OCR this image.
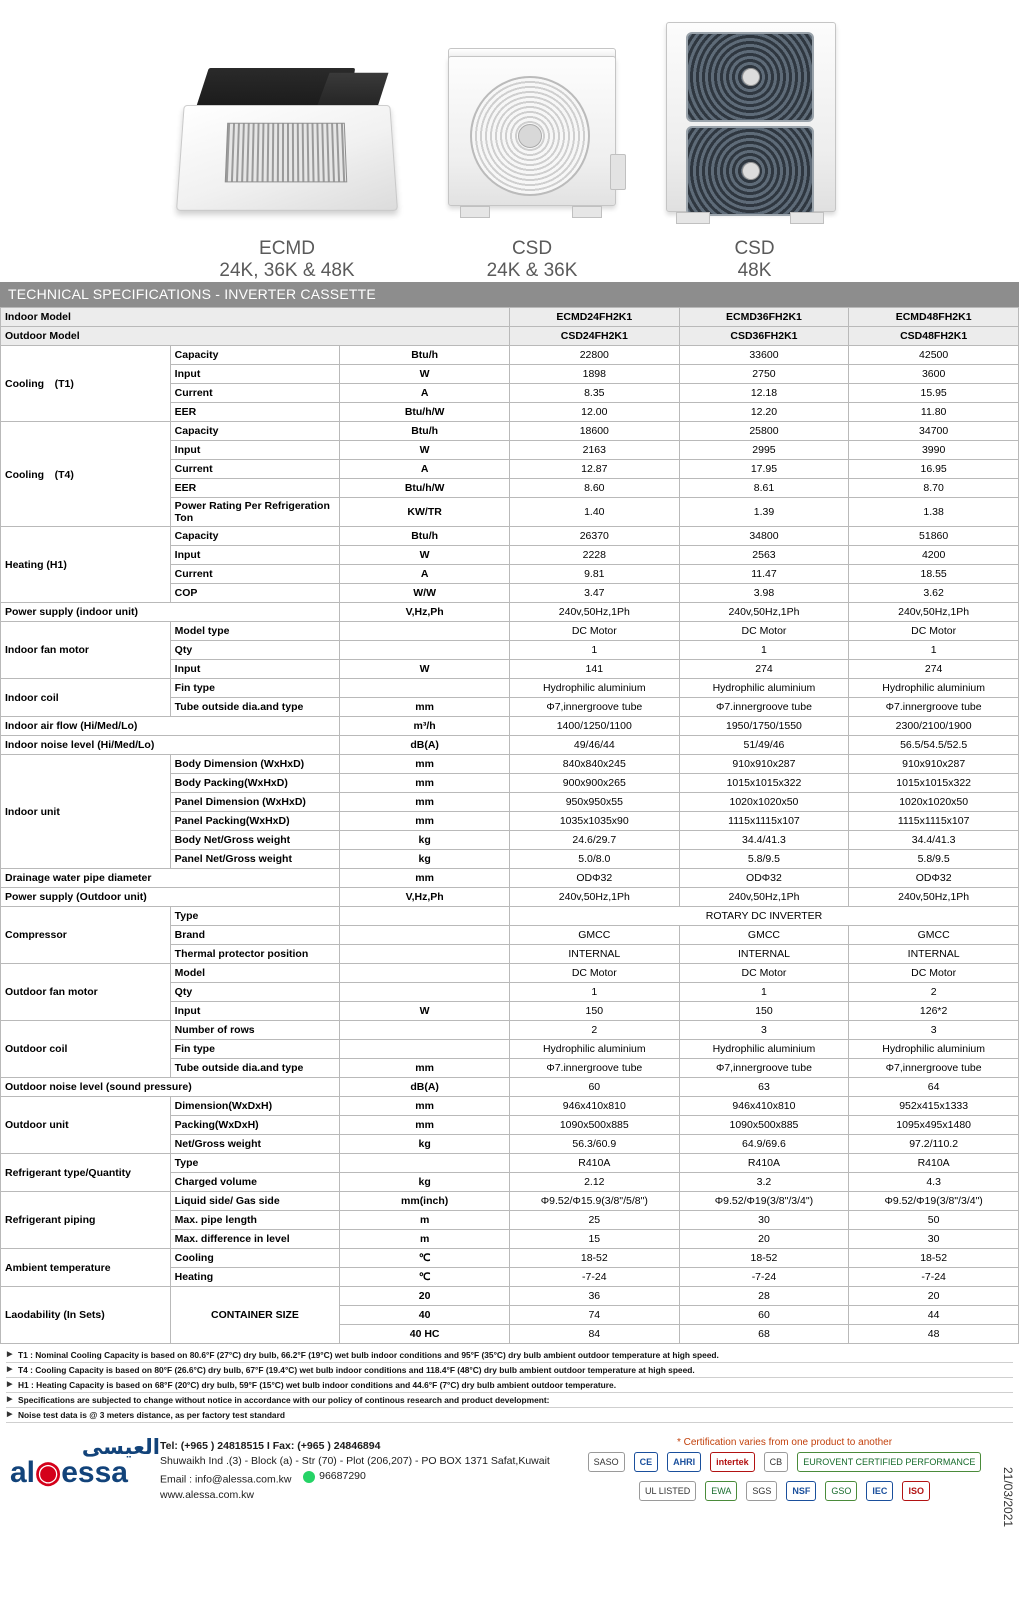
ECMD
24K, 36K & 48K
CSD
24K & 36K
CSD
48K
TECHNICAL SPECIFICATIONS - INVERTER CASSETTE
Indoor Model			ECMD24FH2K1	ECMD36FH2K1	ECMD48FH2K1
Outdoor Model			CSD24FH2K1	CSD36FH2K1	CSD48FH2K1
Cooling　(T1)	Capacity	Btu/h	22800	33600	42500
	Input	W	1898	2750	3600
	Current	A	8.35	12.18	15.95
	EER	Btu/h/W	12.00	12.20	11.80
Cooling　(T4)	Capacity	Btu/h	18600	25800	34700
	Input	W	2163	2995	3990
	Current	A	12.87	17.95	16.95
	EER	Btu/h/W	8.60	8.61	8.70
	Power Rating Per Refrigeration Ton	KW/TR	1.40	1.39	1.38
Heating (H1)	Capacity	Btu/h	26370	34800	51860
	Input	W	2228	2563	4200
	Current	A	9.81	11.47	18.55
	COP	W/W	3.47	3.98	3.62
Power supply (indoor unit)		V,Hz,Ph	240v,50Hz,1Ph	240v,50Hz,1Ph	240v,50Hz,1Ph
Indoor fan motor	Model type		DC Motor	DC Motor	DC Motor
	Qty		1	1	1
	Input	W	141	274	274
Indoor coil	Fin type		Hydrophilic aluminium	Hydrophilic aluminium	Hydrophilic aluminium
	Tube outside dia.and type	mm	Φ7,innergroove tube	Φ7.innergroove tube	Φ7.innergroove tube
Indoor air flow (Hi/Med/Lo)		m³/h	1400/1250/1100	1950/1750/1550	2300/2100/1900
Indoor noise level (Hi/Med/Lo)		dB(A)	49/46/44	51/49/46	56.5/54.5/52.5
Indoor unit	Body Dimension (WxHxD)	mm	840x840x245	910x910x287	910x910x287
	Body Packing(WxHxD)	mm	900x900x265	1015x1015x322	1015x1015x322
	Panel Dimension (WxHxD)	mm	950x950x55	1020x1020x50	1020x1020x50
	Panel Packing(WxHxD)	mm	1035x1035x90	1115x1115x107	1115x1115x107
	Body Net/Gross weight	kg	24.6/29.7	34.4/41.3	34.4/41.3
	Panel Net/Gross weight	kg	5.0/8.0	5.8/9.5	5.8/9.5
Drainage water pipe diameter		mm	ODΦ32	ODΦ32	ODΦ32
Power supply (Outdoor unit)		V,Hz,Ph	240v,50Hz,1Ph	240v,50Hz,1Ph	240v,50Hz,1Ph
Compressor	Type		ROTARY DC INVERTER		
	Brand		GMCC	GMCC	GMCC
	Thermal protector position		INTERNAL	INTERNAL	INTERNAL
Outdoor fan motor	Model		DC Motor	DC Motor	DC Motor
	Qty		1	1	2
	Input	W	150	150	126*2
Outdoor coil	Number of rows		2	3	3
	Fin type		Hydrophilic aluminium	Hydrophilic aluminium	Hydrophilic aluminium
	Tube outside dia.and type	mm	Φ7.innergroove tube	Φ7,innergroove tube	Φ7,innergroove tube
Outdoor noise level (sound pressure)		dB(A)	60	63	64
Outdoor unit	Dimension(WxDxH)	mm	946x410x810	946x410x810	952x415x1333
	Packing(WxDxH)	mm	1090x500x885	1090x500x885	1095x495x1480
	Net/Gross weight	kg	56.3/60.9	64.9/69.6	97.2/110.2
Refrigerant type/Quantity	Type		R410A	R410A	R410A
	Charged volume	kg	2.12	3.2	4.3
Refrigerant piping	Liquid side/ Gas side	mm(inch)	Φ9.52/Φ15.9(3/8"/5/8")	Φ9.52/Φ19(3/8"/3/4")	Φ9.52/Φ19(3/8"/3/4")
	Max. pipe length	m	25	30	50
	Max. difference in level	m	15	20	30
Ambient temperature	Cooling	℃	18-52	18-52	18-52
	Heating	℃	-7-24	-7-24	-7-24
Laodability (In Sets)	CONTAINER SIZE	20	36	28	20
		40	74	60	44
		40 HC	84	68	48
▶ T1 : Nominal Cooling Capacity is based on 80.6°F (27°C) dry bulb, 66.2°F (19°C) wet bulb indoor conditions and 95°F (35°C) dry bulb ambient outdoor temperature at high speed.
▶ T4 : Cooling Capacity is based on 80°F (26.6°C) dry bulb, 67°F (19.4°C) wet bulb indoor conditions and 118.4°F (48°C) dry bulb ambient outdoor temperature at high speed.
▶ H1 : Heating Capacity is based on 68°F (20°C) dry bulb, 59°F (15°C) wet bulb indoor conditions and 44.6°F (7°C) dry bulb ambient outdoor temperature.
▶ Specifications are subjected to change without notice in accordance with our policy of continous research and product development:
▶ Noise test data is @ 3 meters distance, as per factory test standard
العيسى
al◉essa
Tel: (+965 ) 24818515 I Fax: (+965 ) 24846894
Shuwaikh Ind .(3) - Block (a) - Str (70) - Plot (206,207) - PO BOX 1371 Safat,Kuwait
Email : info@alessa.com.kw	96687290
www.alessa.com.kw
* Certification varies from one product to another
SASO	CE	AHRI	intertek	CB	EUROVENT CERTIFIED PERFORMANCE
UL LISTED	EWA	SGS	NSF	GSO	IEC	ISO	21/03/2021
